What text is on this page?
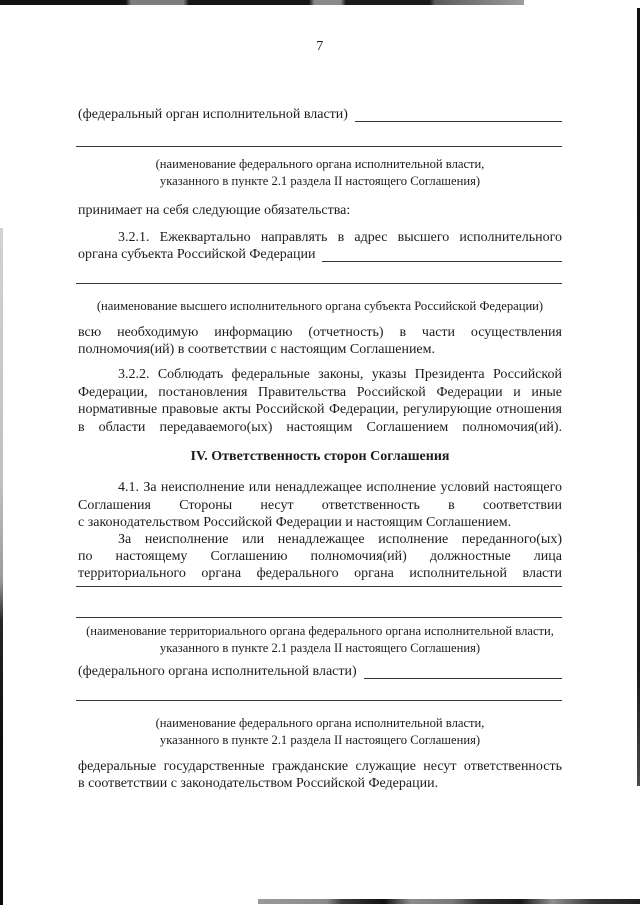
7
(федеральный орган исполнительной власти)
(наименование федерального органа исполнительной власти,
указанного в пункте 2.1 раздела II настоящего Соглашения)
принимает на себя следующие обязательства:
3.2.1. Ежеквартально направлять в адрес высшего исполнительного
органа субъекта Российской Федерации
(наименование высшего исполнительного органа субъекта Российской Федерации)
всю необходимую информацию (отчетность) в части осуществления
полномочия(ий) в соответствии с настоящим Соглашением.
3.2.2. Соблюдать федеральные законы, указы Президента Российской
Федерации, постановления Правительства Российской Федерации и иные
нормативные правовые акты Российской Федерации, регулирующие отношения
в области передаваемого(ых) настоящим Соглашением полномочия(ий).
IV. Ответственность сторон Соглашения
4.1. За неисполнение или ненадлежащее исполнение условий настоящего
Соглашения Стороны несут ответственность в соответствии
с законодательством Российской Федерации и настоящим Соглашением.
За неисполнение или ненадлежащее исполнение переданного(ых)
по настоящему Соглашению полномочия(ий) должностные лица
территориального органа федерального органа исполнительной власти
(наименование территориального органа федерального органа исполнительной власти,
указанного в пункте 2.1 раздела II настоящего Соглашения)
(федерального органа исполнительной власти)
(наименование федерального органа исполнительной власти,
указанного в пункте 2.1 раздела II настоящего Соглашения)
федеральные государственные гражданские служащие несут ответственность
в соответствии с законодательством Российской Федерации.
